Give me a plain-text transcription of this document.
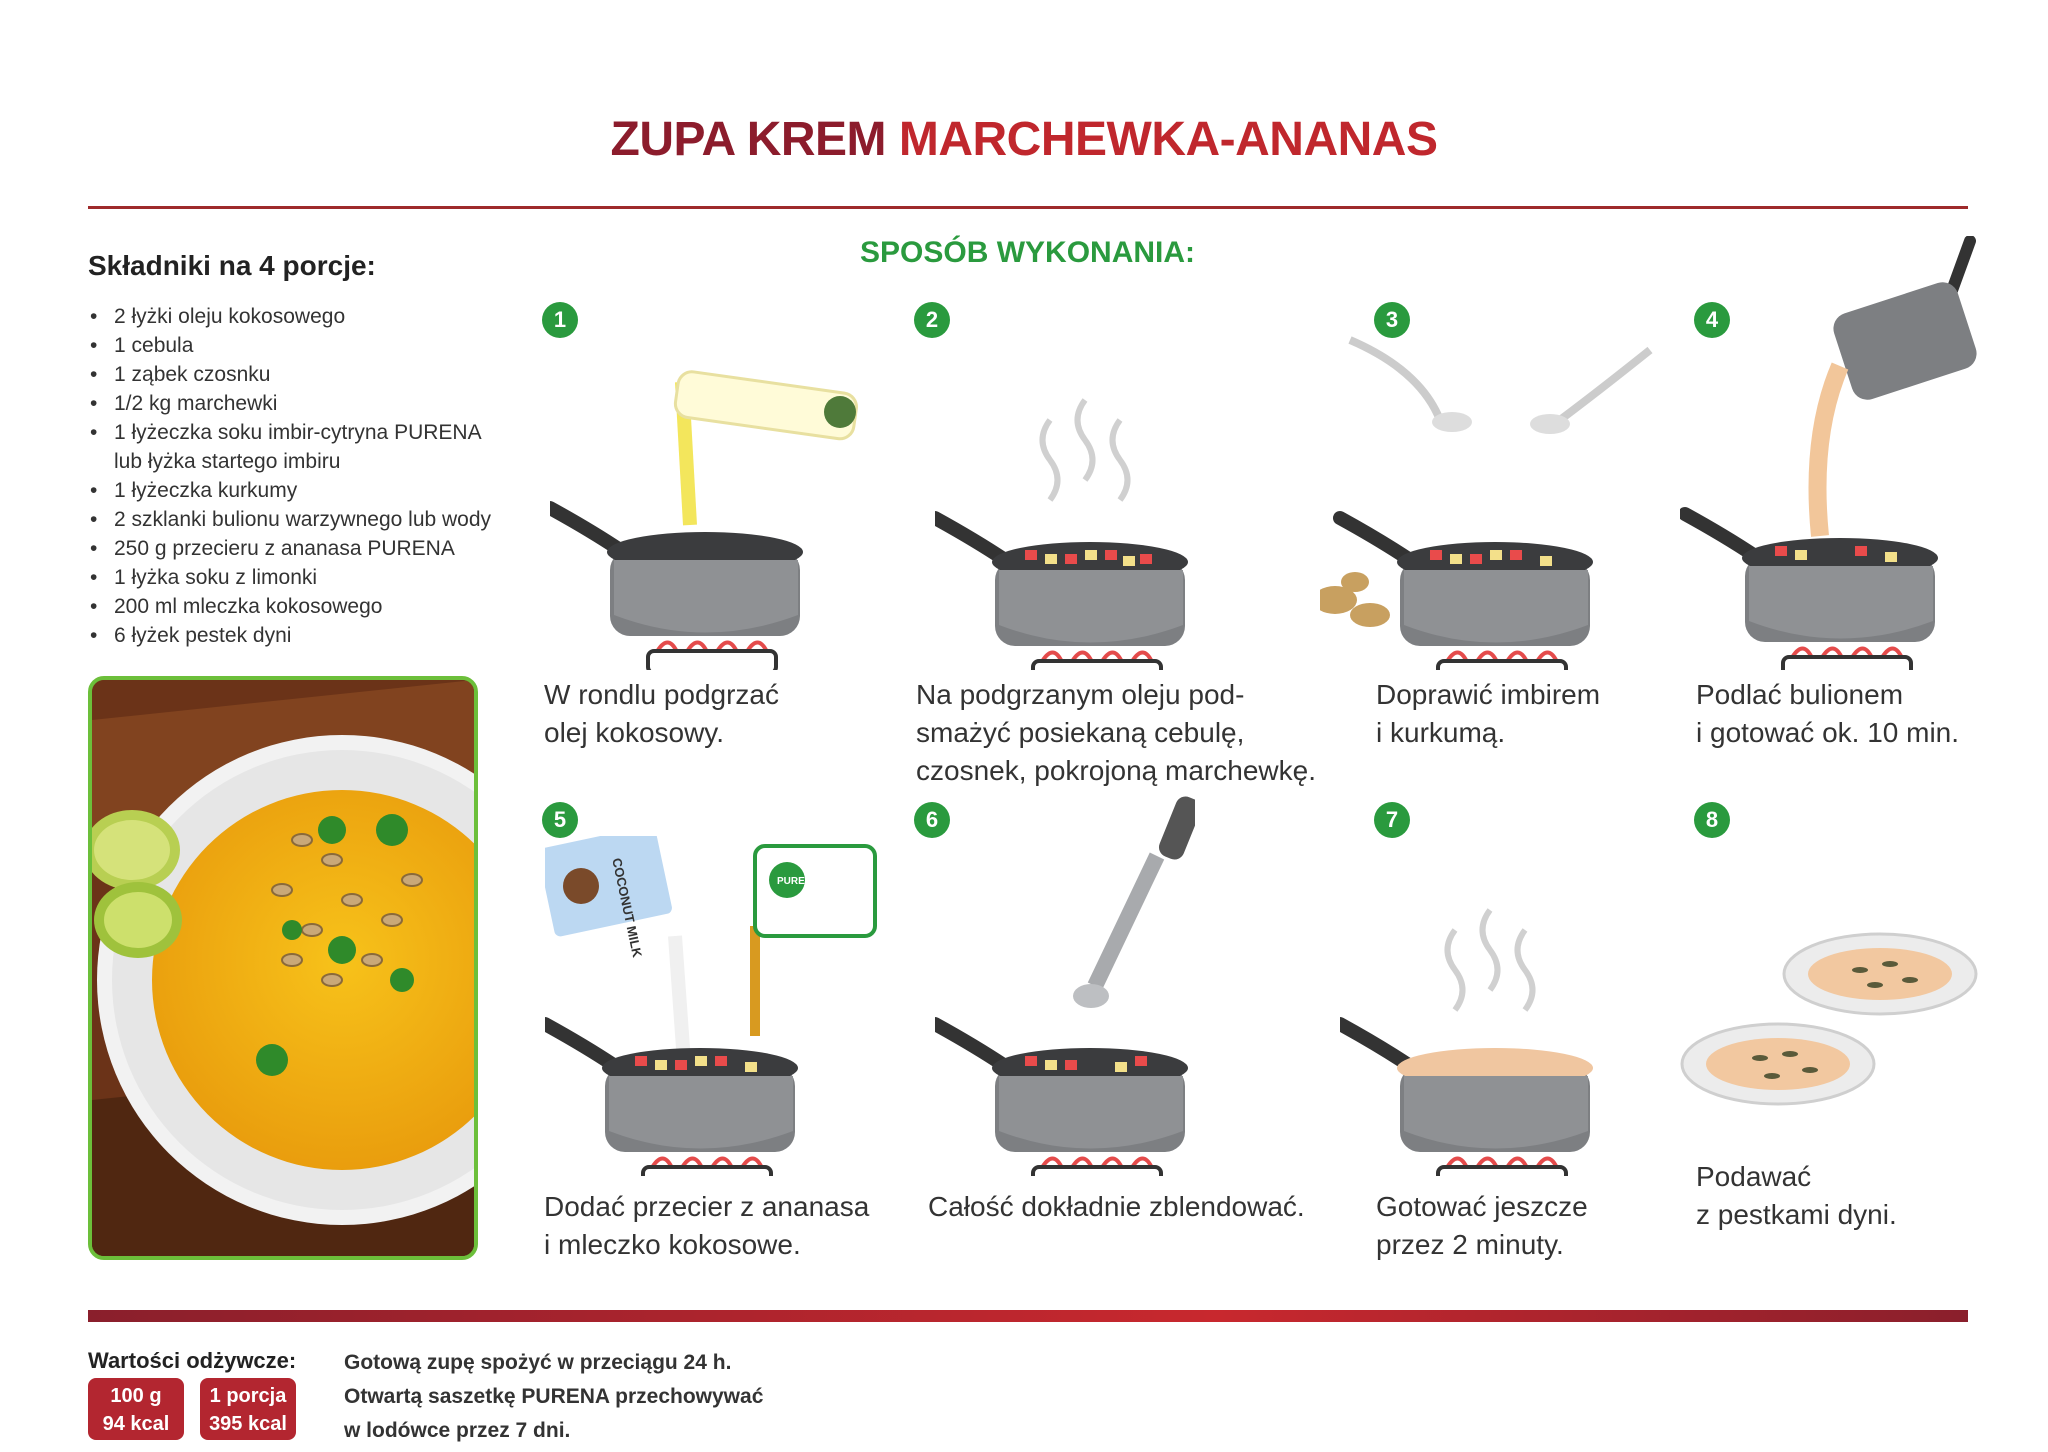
ZUPA KREM MARCHEWKA-ANANAS
Składniki na 4 porcje:
• 2 łyżki oleju kokosowego
• 1 cebula
• 1 ząbek czosnku
• 1/2 kg marchewki
• 1 łyżeczka soku imbir-cytryna PURENA
lub łyżka startego imbiru
• 1 łyżeczka kurkumy
• 2 szklanki bulionu warzywnego lub wody
• 250 g przecieru z ananasa PURENA
• 1 łyżka soku z limonki
• 200 ml mleczka kokosowego
• 6 łyżek pestek dyni
SPOSÓB WYKONANIA:
1	2	3	4
5	6	7	8
COCONUT MILK	PURENA
W rondlu podgrzać
olej kokosowy.
Na podgrzanym oleju pod-
smażyć posiekaną cebulę,
czosnek, pokrojoną marchewkę.
Doprawić imbirem
i kurkumą.
Podlać bulionem
i gotować ok. 10 min.
Dodać przecier z ananasa
i mleczko kokosowe.
Całość dokładnie zblendować.	Gotować jeszcze
przez 2 minuty.
Podawać
z pestkami dyni.
Wartości odżywcze:
100 g
94 kcal
1 porcja
395 kcal
Gotową zupę spożyć w przeciągu 24 h.
Otwartą saszetkę PURENA przechowywać
w lodówce przez 7 dni.
